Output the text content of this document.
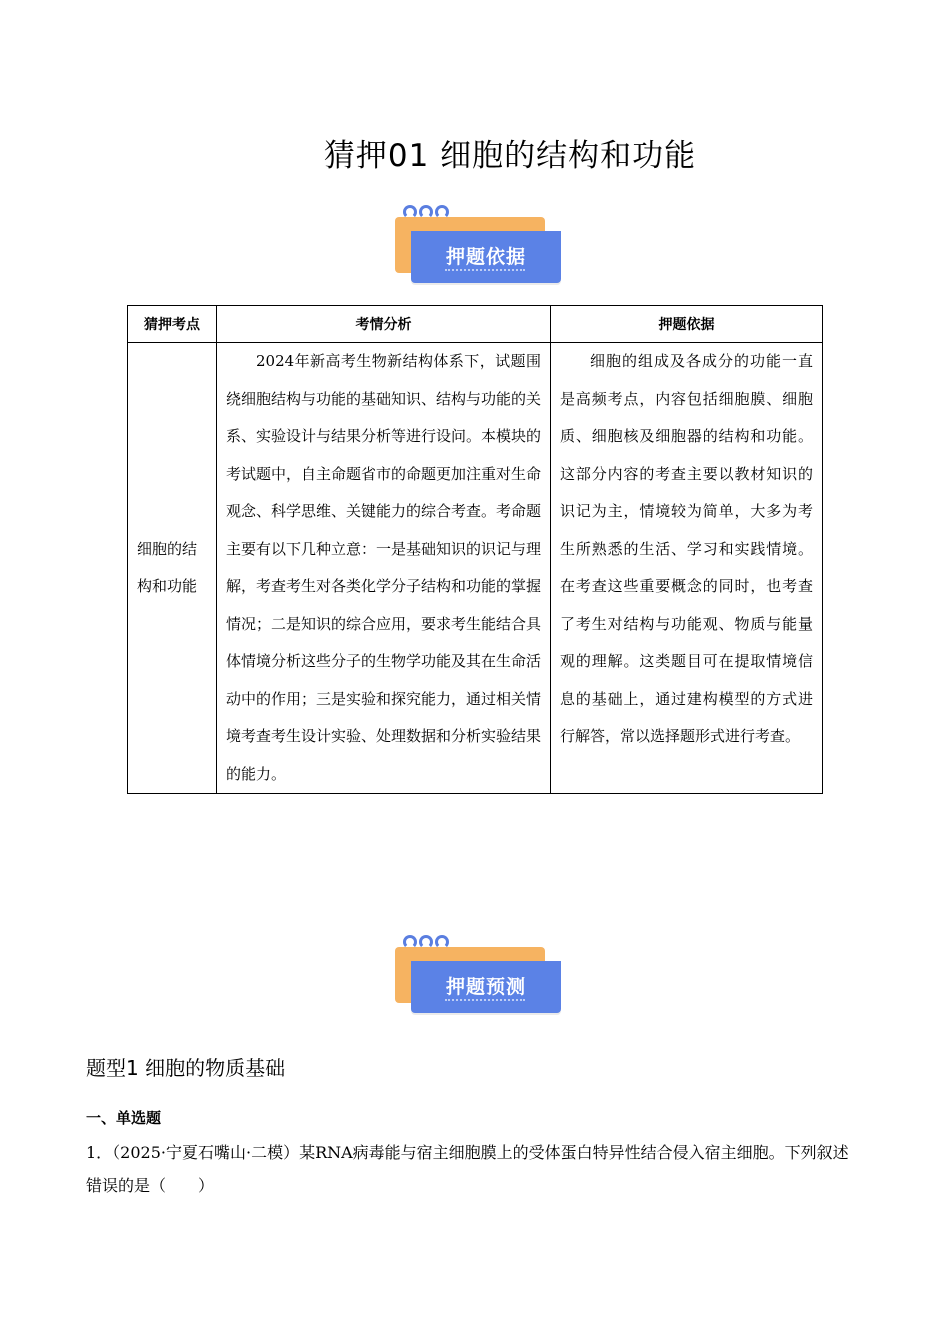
猜押01 细胞的结构和功能
押题依据
猜押考点	考情分析	押题依据
细胞的结构和功能	2024年新高考生物新结构体系下，试题围绕细胞结构与功能的基础知识、结构与功能的关系、实验设计与结果分析等进行设问。本模块的考试题中，自主命题省市的命题更加注重对生命观念、科学思维、关键能力的综合考查。考命题主要有以下几种立意：一是基础知识的识记与理解，考查考生对各类化学分子结构和功能的掌握情况；二是知识的综合应用，要求考生能结合具体情境分析这些分子的生物学功能及其在生命活动中的作用；三是实验和探究能力，通过相关情境考查考生设计实验、处理数据和分析实验结果的能力。	细胞的组成及各成分的功能一直是高频考点，内容包括细胞膜、细胞质、细胞核及细胞器的结构和功能。这部分内容的考查主要以教材知识的识记为主，情境较为简单，大多为考生所熟悉的生活、学习和实践情境。在考查这些重要概念的同时，也考查了考生对结构与功能观、物质与能量观的理解。这类题目可在提取情境信息的基础上，通过建构模型的方式进行解答，常以选择题形式进行考查。
押题预测
题型1 细胞的物质基础
一、单选题

1．（2025·宁夏石嘴山·二模）某RNA病毒能与宿主细胞膜上的受体蛋白特异性结合侵入宿主细胞。下列叙述错误的是（　　）
